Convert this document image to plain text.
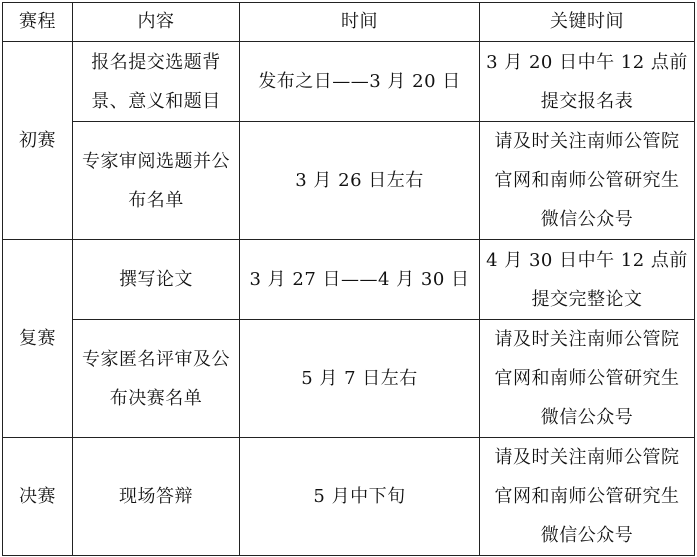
赛程	内容	时间	关键时间
初赛	报名提交选题背景、意义和题目	发布之日——3 月 20 日	3 月 20 日中午 12 点前提交报名表
	专家审阅选题并公布名单	3 月 26 日左右	请及时关注南师公管院官网和南师公管研究生微信公众号
复赛	撰写论文	3 月 27 日——4 月 30 日	4 月 30 日中午 12 点前提交完整论文
	专家匿名评审及公布决赛名单	5 月 7 日左右	请及时关注南师公管院官网和南师公管研究生微信公众号
决赛	现场答辩	5 月中下旬	请及时关注南师公管院官网和南师公管研究生微信公众号
